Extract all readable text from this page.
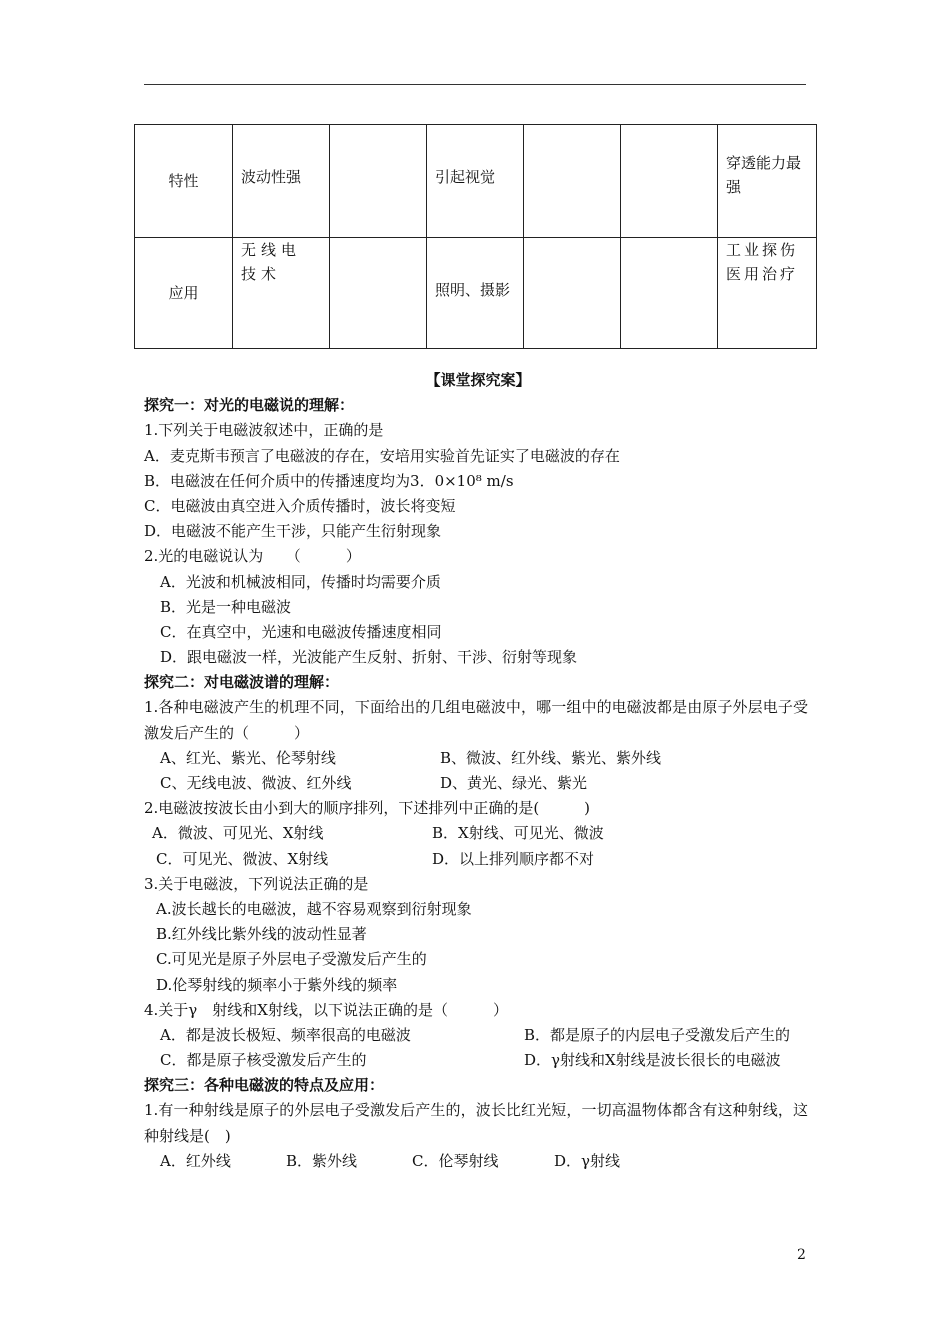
特性	波动性强		引起视觉			穿透能力最强

应用	无线电技术		照明、摄影			工业探伤医用治疗
【课堂探究案】
探究一：对光的电磁说的理解：
1.下列关于电磁波叙述中，正确的是
A．麦克斯韦预言了电磁波的存在，安培用实验首先证实了电磁波的存在
B．电磁波在任何介质中的传播速度均为3．0×10⁸ m/s
C．电磁波由真空进入介质传播时，波长将变短
D．电磁波不能产生干涉，只能产生衍射现象
2.光的电磁说认为　　（　　　）
A．光波和机械波相同，传播时均需要介质
B．光是一种电磁波
C．在真空中，光速和电磁波传播速度相同
D．跟电磁波一样，光波能产生反射、折射、干涉、衍射等现象
探究二：对电磁波谱的理解：
1.各种电磁波产生的机理不同，下面给出的几组电磁波中，哪一组中的电磁波都是由原子外层电子受激发后产生的（　　　）
A、红光、紫光、伦琴射线	B、微波、红外线、紫光、紫外线
C、无线电波、微波、红外线	D、黄光、绿光、紫光
2.电磁波按波长由小到大的顺序排列，下述排列中正确的是(　　　)
A．微波、可见光、X射线	B．X射线、可见光、微波
C．可见光、微波、X射线	D．以上排列顺序都不对
3.关于电磁波，下列说法正确的是
A.波长越长的电磁波，越不容易观察到衍射现象
B.红外线比紫外线的波动性显著
C.可见光是原子外层电子受激发后产生的
D.伦琴射线的频率小于紫外线的频率
4.关于γ　射线和X射线，以下说法正确的是（　　　）
A．都是波长极短、频率很高的电磁波	B．都是原子的内层电子受激发后产生的
C．都是原子核受激发后产生的	D．γ射线和X射线是波长很长的电磁波
探究三：各种电磁波的特点及应用：
1.有一种射线是原子的外层电子受激发后产生的，波长比红光短，一切高温物体都含有这种射线，这种射线是(　)
A．红外线	B．紫外线	C．伦琴射线	D．γ射线
2
